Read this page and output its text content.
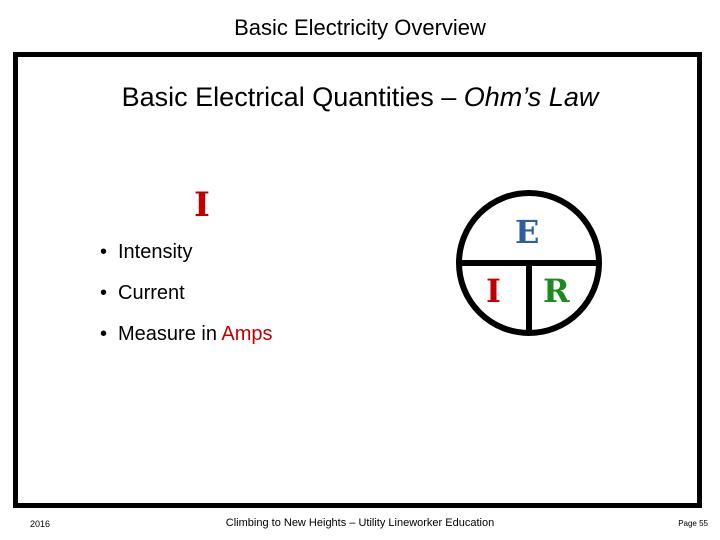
Basic Electricity Overview
Basic Electrical Quantities – Ohm’s Law
I
• Intensity
• Current
• Measure in Amps
E
I R
2016	Climbing to New Heights – Utility Lineworker Education	Page 55
